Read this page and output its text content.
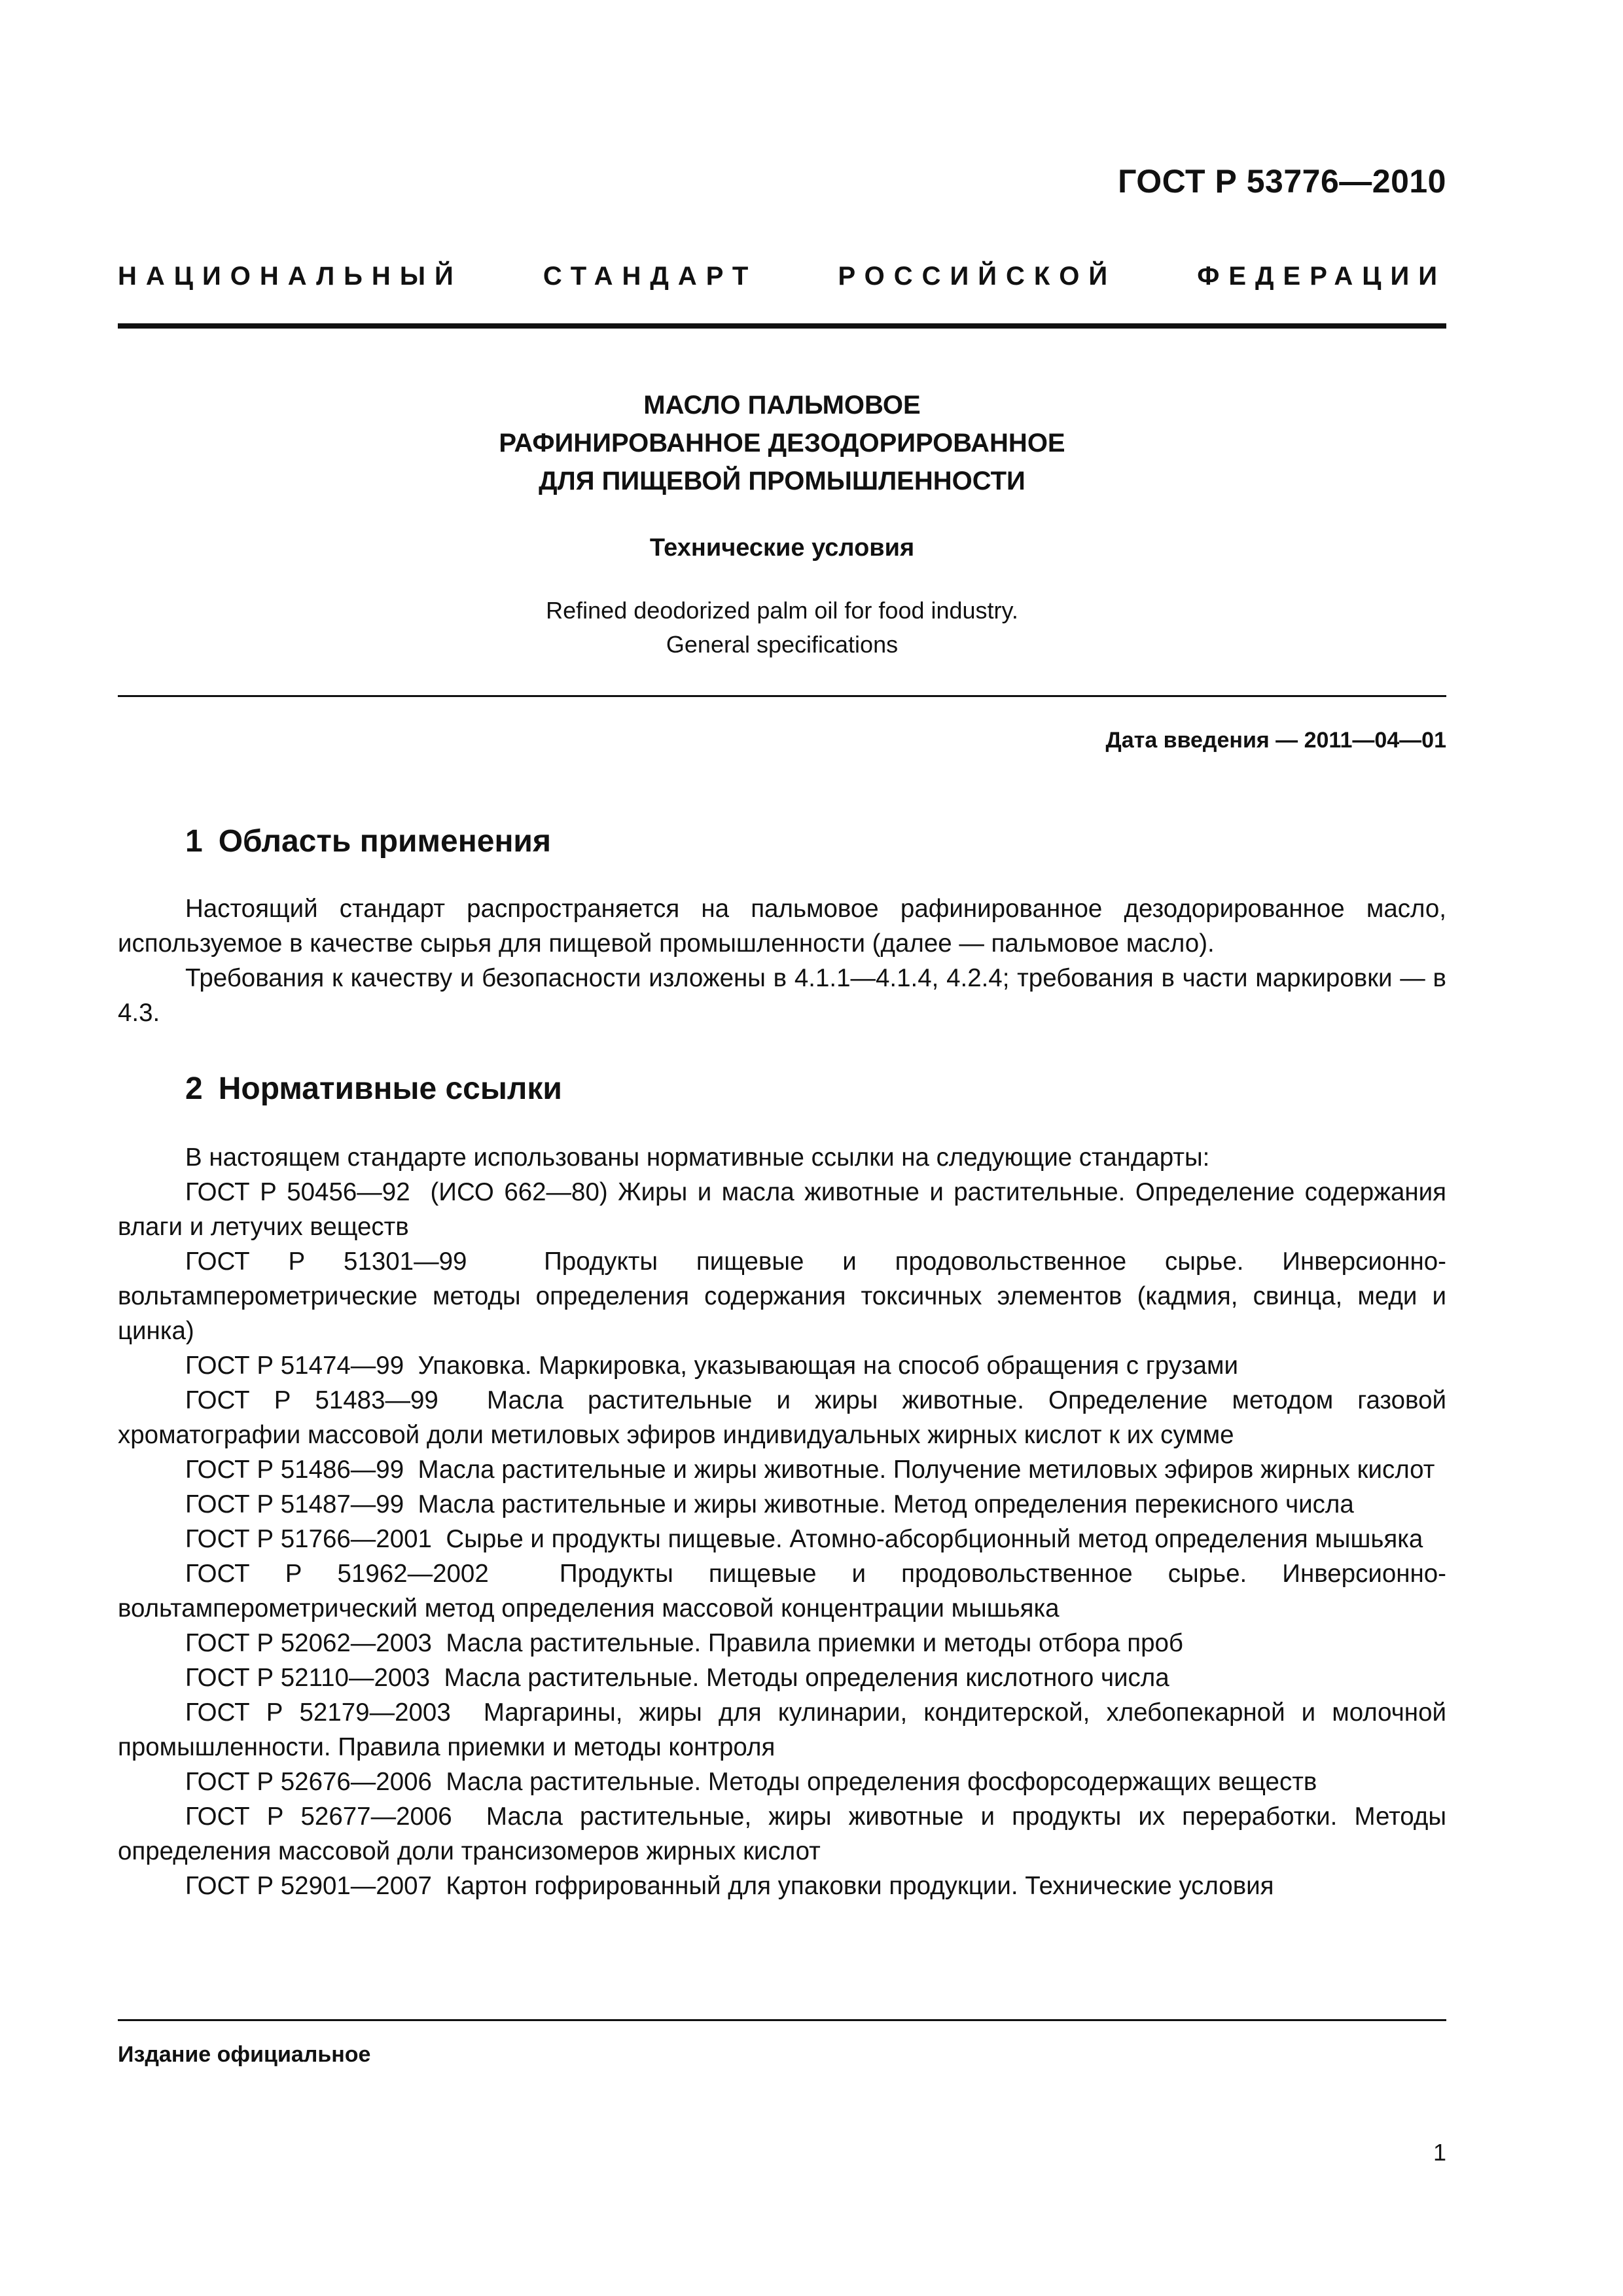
ГОСТ Р 53776—2010
НАЦИОНАЛЬНЫЙ	СТАНДАРТ	РОССИЙСКОЙ	ФЕДЕРАЦИИ
МАСЛО ПАЛЬМОВОЕ
РАФИНИРОВАННОЕ ДЕЗОДОРИРОВАННОЕ
ДЛЯ ПИЩЕВОЙ ПРОМЫШЛЕННОСТИ
Технические условия
Refined deodorized palm oil for food industry.
General specifications
Дата введения — 2011—04—01
1 Область применения

Настоящий стандарт распространяется на пальмовое рафинированное дезодорированное масло, используемое в качестве сырья для пищевой промышленности (далее — пальмовое масло).

Требования к качеству и безопасности изложены в 4.1.1—4.1.4, 4.2.4; требования в части маркировки — в 4.3.

2 Нормативные ссылки

В настоящем стандарте использованы нормативные ссылки на следующие стандарты:

ГОСТ Р 50456—92 (ИСО 662—80) Жиры и масла животные и растительные. Определение содержания влаги и летучих веществ

ГОСТ Р 51301—99	Продукты пищевые и продовольственное сырье. Инверсионно-вольтамперометрические методы определения содержания токсичных элементов (кадмия, свинца, меди и цинка)

ГОСТ Р 51474—99 Упаковка. Маркировка, указывающая на способ обращения с грузами

ГОСТ Р 51483—99 Масла растительные и жиры животные. Определение методом газовой хроматографии массовой доли метиловых эфиров индивидуальных жирных кислот к их сумме

ГОСТ Р 51486—99 Масла растительные и жиры животные. Получение метиловых эфиров жирных кислот

ГОСТ Р 51487—99 Масла растительные и жиры животные. Метод определения перекисного числа

ГОСТ Р 51766—2001 Сырье и продукты пищевые. Атомно-абсорбционный метод определения мышьяка

ГОСТ Р 51962—2002	Продукты пищевые и продовольственное сырье. Инверсионно-вольтамперометрический метод определения массовой концентрации мышьяка

ГОСТ Р 52062—2003 Масла растительные. Правила приемки и методы отбора проб

ГОСТ Р 52110—2003 Масла растительные. Методы определения кислотного числа

ГОСТ Р 52179—2003 Маргарины, жиры для кулинарии, кондитерской, хлебопекарной и молочной промышленности. Правила приемки и методы контроля

ГОСТ Р 52676—2006 Масла растительные. Методы определения фосфорсодержащих веществ

ГОСТ Р 52677—2006 Масла растительные, жиры животные и продукты их переработки. Методы определения массовой доли трансизомеров жирных кислот

ГОСТ Р 52901—2007 Картон гофрированный для упаковки продукции. Технические условия

Издание официальное
1
